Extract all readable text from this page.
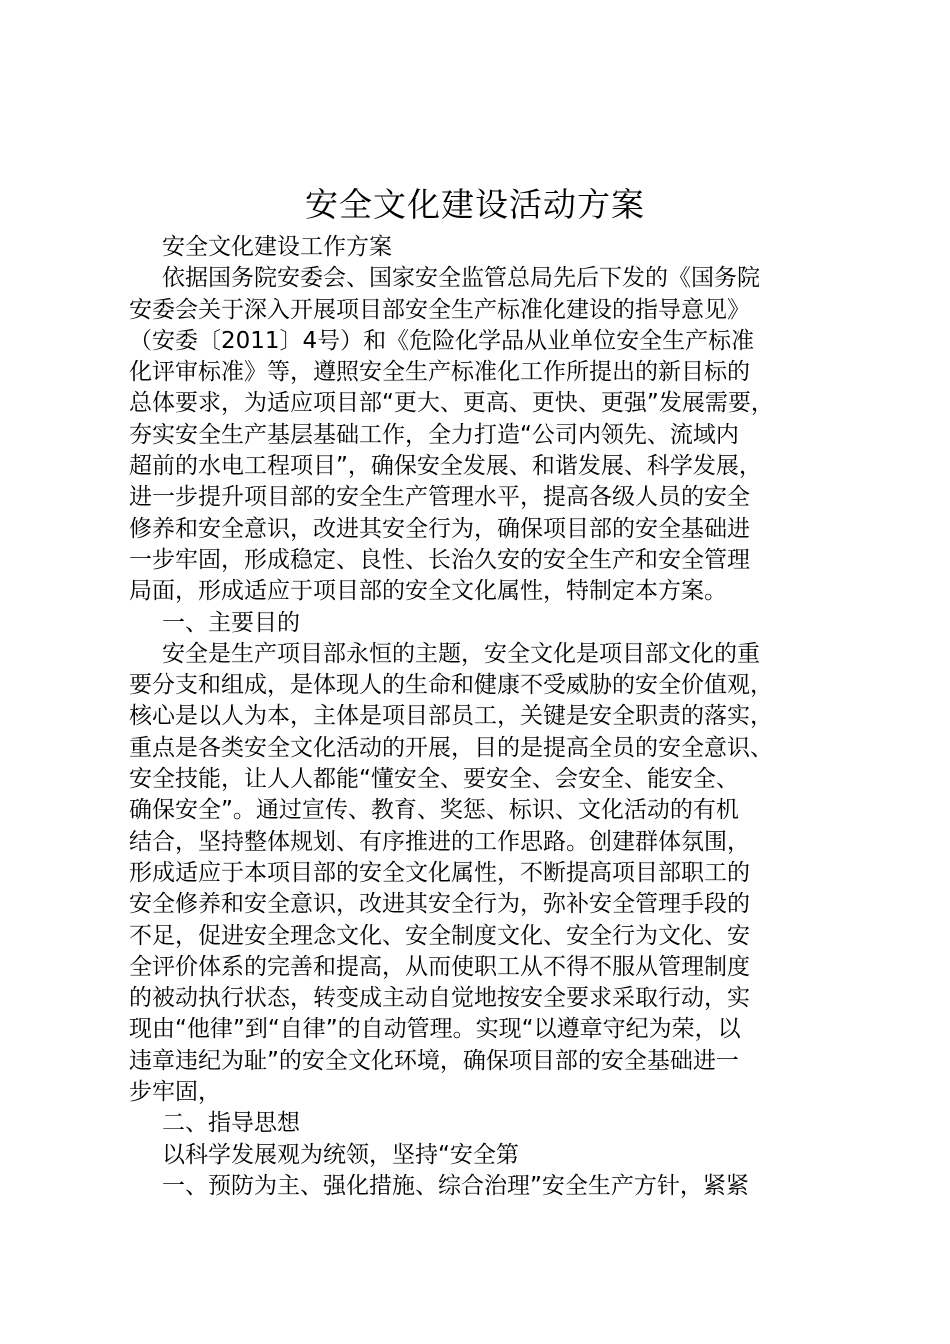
安全文化建设活动方案
安全文化建设工作方案
依据国务院安委会、国家安全监管总局先后下发的《国务院
安委会关于深入开展项目部安全生产标准化建设的指导意见》
（安委〔2011〕4号）和《危险化学品从业单位安全生产标准
化评审标准》等，遵照安全生产标准化工作所提出的新目标的
总体要求，为适应项目部“更大、更高、更快、更强”发展需要，
夯实安全生产基层基础工作，全力打造“公司内领先、流域内
超前的水电工程项目”，确保安全发展、和谐发展、科学发展，
进一步提升项目部的安全生产管理水平，提高各级人员的安全
修养和安全意识，改进其安全行为，确保项目部的安全基础进
一步牢固，形成稳定、良性、长治久安的安全生产和安全管理
局面，形成适应于项目部的安全文化属性，特制定本方案。
一、主要目的
安全是生产项目部永恒的主题，安全文化是项目部文化的重
要分支和组成，是体现人的生命和健康不受威胁的安全价值观，
核心是以人为本，主体是项目部员工，关键是安全职责的落实，
重点是各类安全文化活动的开展，目的是提高全员的安全意识、
安全技能，让人人都能“懂安全、要安全、会安全、能安全、
确保安全”。通过宣传、教育、奖惩、标识、文化活动的有机
结合，坚持整体规划、有序推进的工作思路。创建群体氛围，
形成适应于本项目部的安全文化属性，不断提高项目部职工的
安全修养和安全意识，改进其安全行为，弥补安全管理手段的
不足，促进安全理念文化、安全制度文化、安全行为文化、安
全评价体系的完善和提高，从而使职工从不得不服从管理制度
的被动执行状态，转变成主动自觉地按安全要求采取行动，实
现由“他律”到“自律”的自动管理。实现“以遵章守纪为荣，以
违章违纪为耻”的安全文化环境，确保项目部的安全基础进一
步牢固，
二、指导思想
以科学发展观为统领，坚持“安全第
一、预防为主、强化措施、综合治理”安全生产方针，紧紧
